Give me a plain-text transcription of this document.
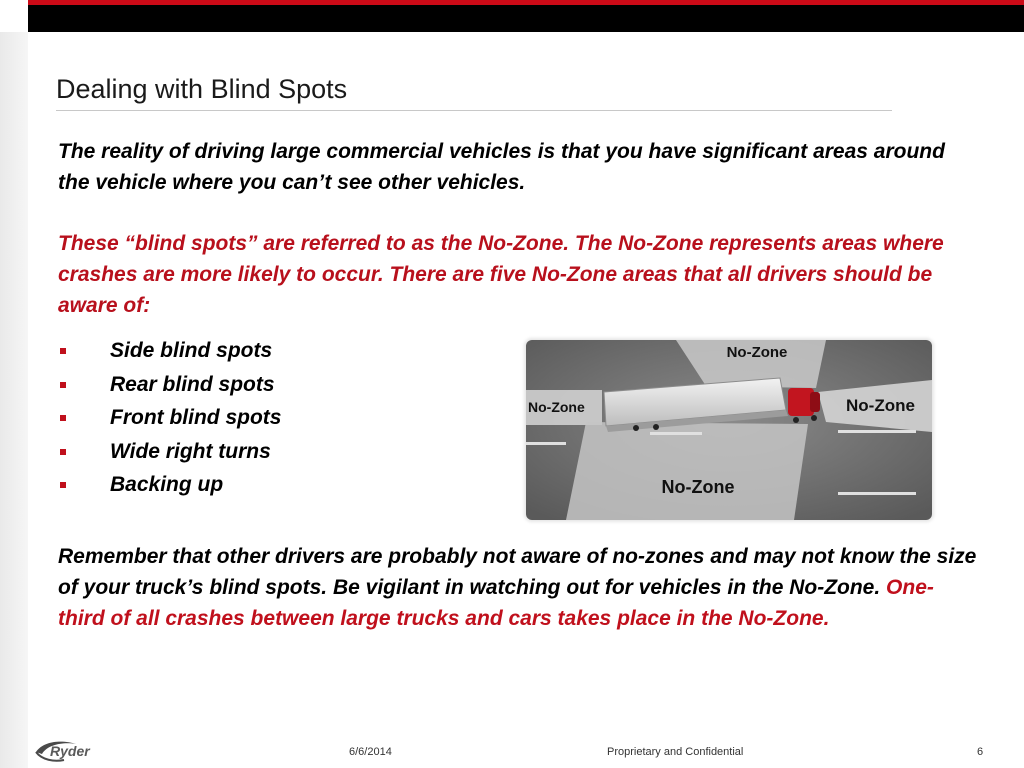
Dealing with Blind Spots

The reality of driving large commercial vehicles is that you have significant areas around the vehicle where you can’t see other vehicles.

These “blind spots” are referred to as the No-Zone. The No-Zone represents areas where crashes are more likely to occur. There are five No-Zone areas that all drivers should be aware of:

Side blind spots
Rear blind spots
Front blind spots
Wide right turns
Backing up
No-Zone
No-Zone	No-Zone
No-Zone

Remember that other drivers are probably not aware of no-zones and may not know the size of your truck’s blind spots. Be vigilant in watching out for vehicles in the No-Zone. One-third of all crashes between large trucks and cars takes place in the No-Zone.

Ryder	6/6/2014	Proprietary and Confidential	6
